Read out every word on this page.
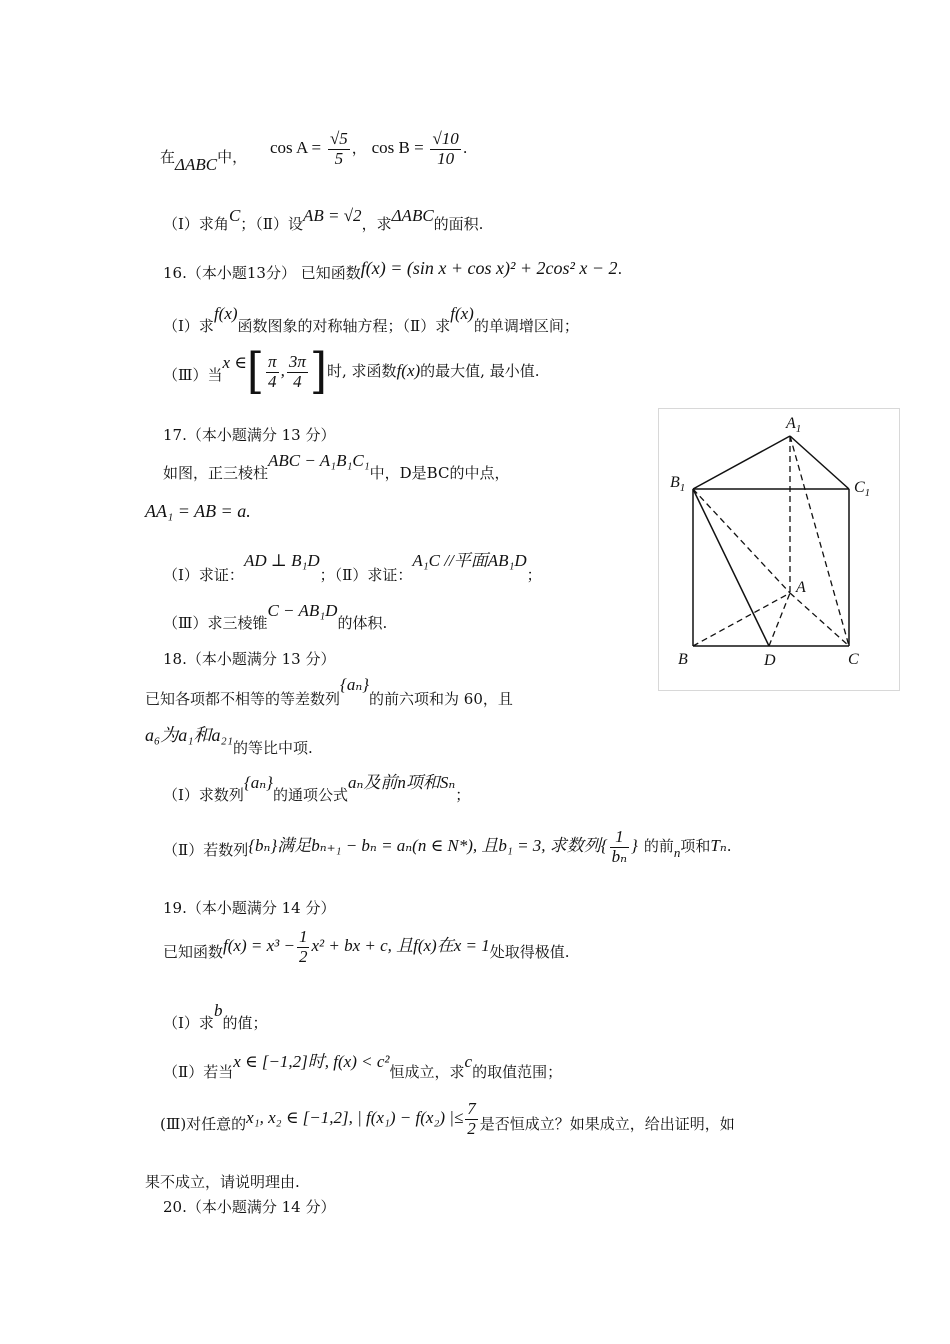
在ΔABC中， $\cos A = \frac{√5}{5}$ ， $\cos B = \frac{√10}{10}$ .
（Ⅰ）求角C；（Ⅱ）设AB = √2，求ΔABC的面积.
16.（本小题13分） 已知函数f(x) = (sin x + cos x)² + 2cos² x − 2.
（Ⅰ）求f(x)函数图象的对称轴方程；（Ⅱ）求f(x)的单调增区间；
（Ⅲ）当x ∈[ $\frac{\pi}{4}$ , $\frac{3\pi}{4}$ ]时, 求函数f(x)的最大值, 最小值.
17.（本小题满分 13 分）
如图，正三棱柱ABC − A₁B₁C₁中，D是BC的中点，
AA₁ = AB = a.
（Ⅰ）求证：AD ⊥ B₁D；（Ⅱ）求证：A₁C //平面AB₁D；
（Ⅲ）求三棱锥C − AB₁D的体积.
$A_1$
$B_1$	$C_1$
A
B	D	C
18.（本小题满分 13 分）
已知各项都不相等的等差数列{aₙ}的前六项和为 60，且
a₆为a₁和a₂₁的等比中项.
（Ⅰ）求数列{aₙ}的通项公式aₙ及前n项和Sₙ；
（Ⅱ）若数列{bₙ}满足bₙ₊₁ − bₙ = aₙ(n ∈ N*), 且b₁ = 3, 求数列{ $\frac{1}{\text{bₙ}}$ } 的前n项和Tₙ.
19.（本小题满分 14 分）
已知函数$f(x) = x^3 - \frac{1}{2} x^2$ + bx + c, 且f(x)在x = 1处取得极值.
（Ⅰ）求b的值；
（Ⅱ）若当x ∈ [−1,2]时, f(x) < c²恒成立，求c的取值范围；
(Ⅲ)对任意的x₁, x₂ ∈ [−1,2], | f(x₁) − f(x₂) |≤ $\frac{7}{2}$ 是否恒成立？如果成立，给出证明，如
果不成立，请说明理由.
20.（本小题满分 14 分）
